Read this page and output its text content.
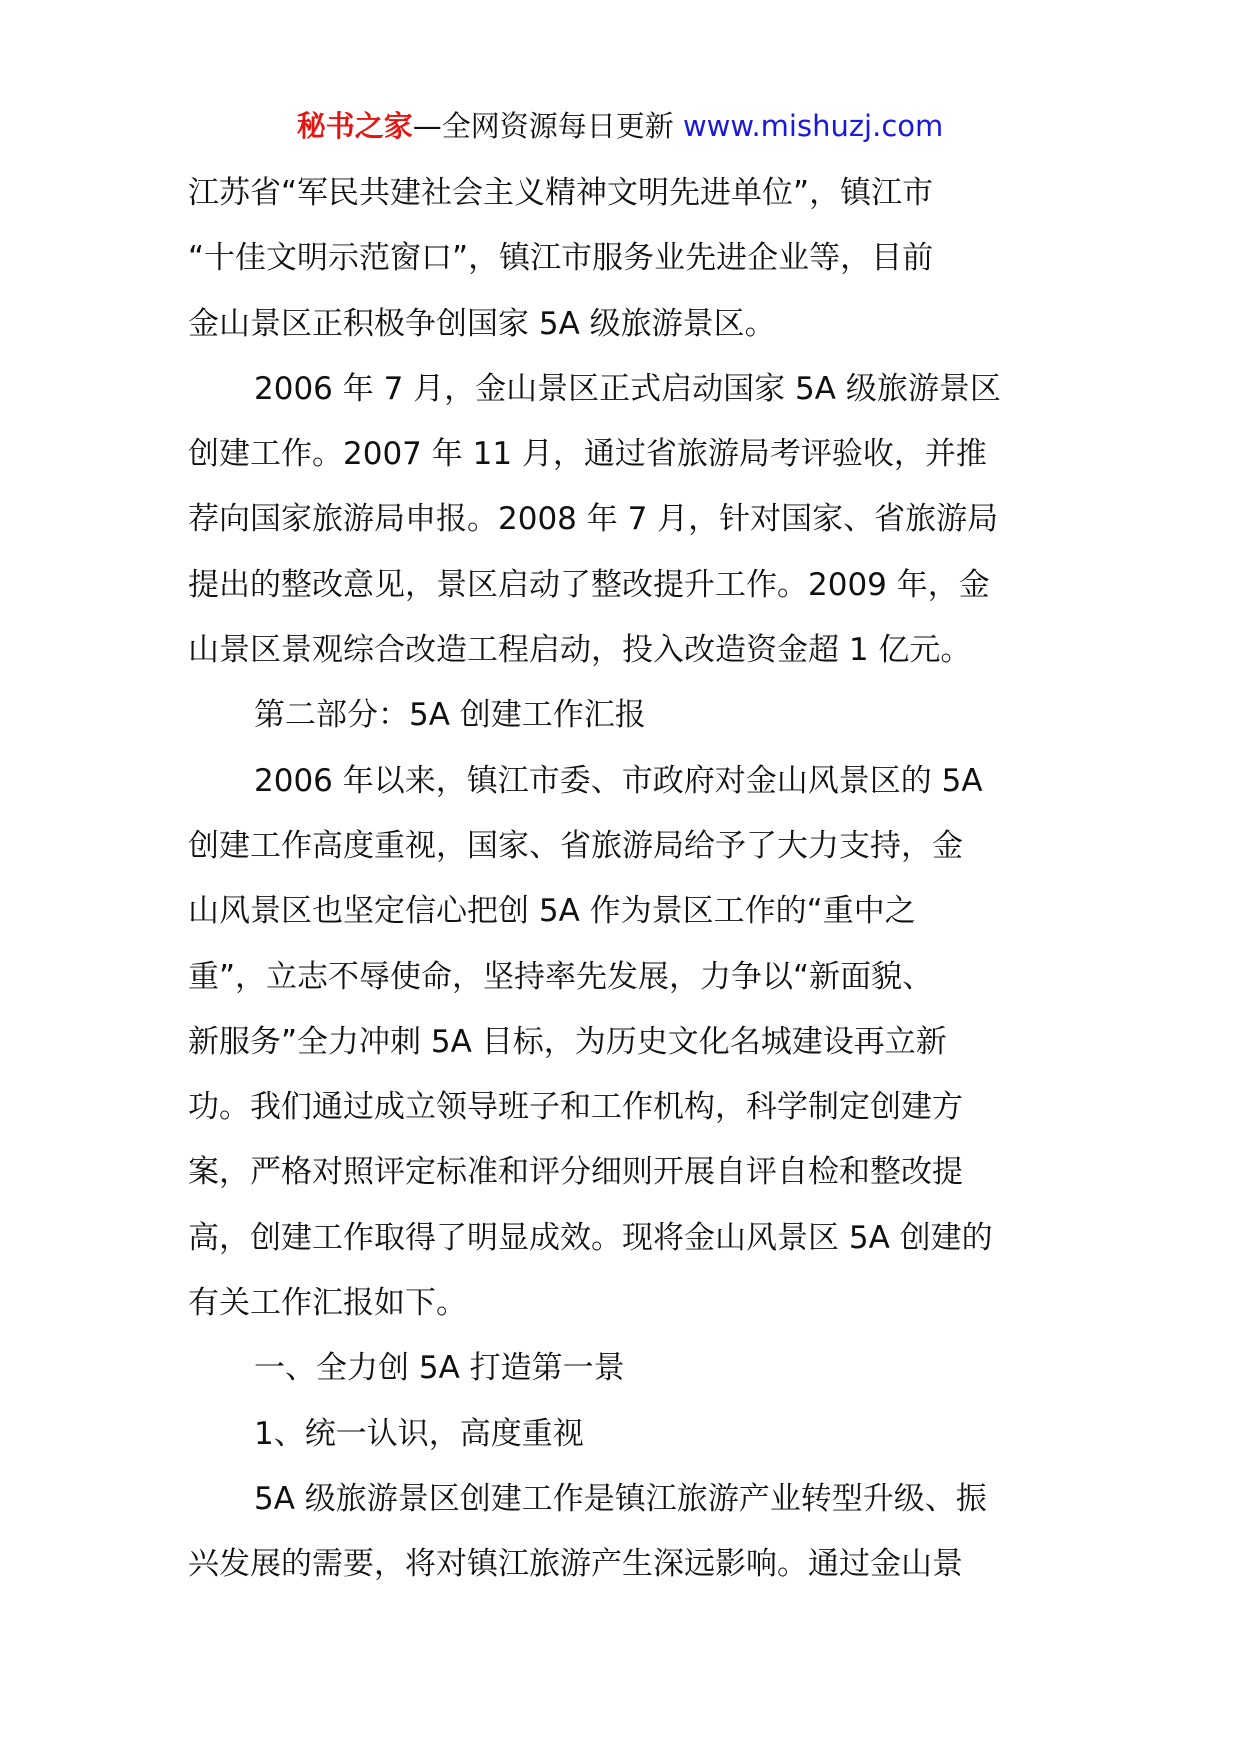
秘书之家—全网资源每日更新 www.mishuzj.com
江苏省“军民共建社会主义精神文明先进单位”，镇江市
“十佳文明示范窗口”，镇江市服务业先进企业等，目前
金山景区正积极争创国家 5A 级旅游景区。
2006 年 7 月，金山景区正式启动国家 5A 级旅游景区
创建工作。2007 年 11 月，通过省旅游局考评验收，并推
荐向国家旅游局申报。2008 年 7 月，针对国家、省旅游局
提出的整改意见，景区启动了整改提升工作。2009 年，金
山景区景观综合改造工程启动，投入改造资金超 1 亿元。
第二部分：5A 创建工作汇报
2006 年以来，镇江市委、市政府对金山风景区的 5A
创建工作高度重视，国家、省旅游局给予了大力支持，金
山风景区也坚定信心把创 5A 作为景区工作的“重中之
重”，立志不辱使命，坚持率先发展，力争以“新面貌、
新服务”全力冲刺 5A 目标，为历史文化名城建设再立新
功。我们通过成立领导班子和工作机构，科学制定创建方
案，严格对照评定标准和评分细则开展自评自检和整改提
高，创建工作取得了明显成效。现将金山风景区 5A 创建的
有关工作汇报如下。
一、全力创 5A 打造第一景
1、统一认识，高度重视
5A 级旅游景区创建工作是镇江旅游产业转型升级、振
兴发展的需要，将对镇江旅游产生深远影响。通过金山景
